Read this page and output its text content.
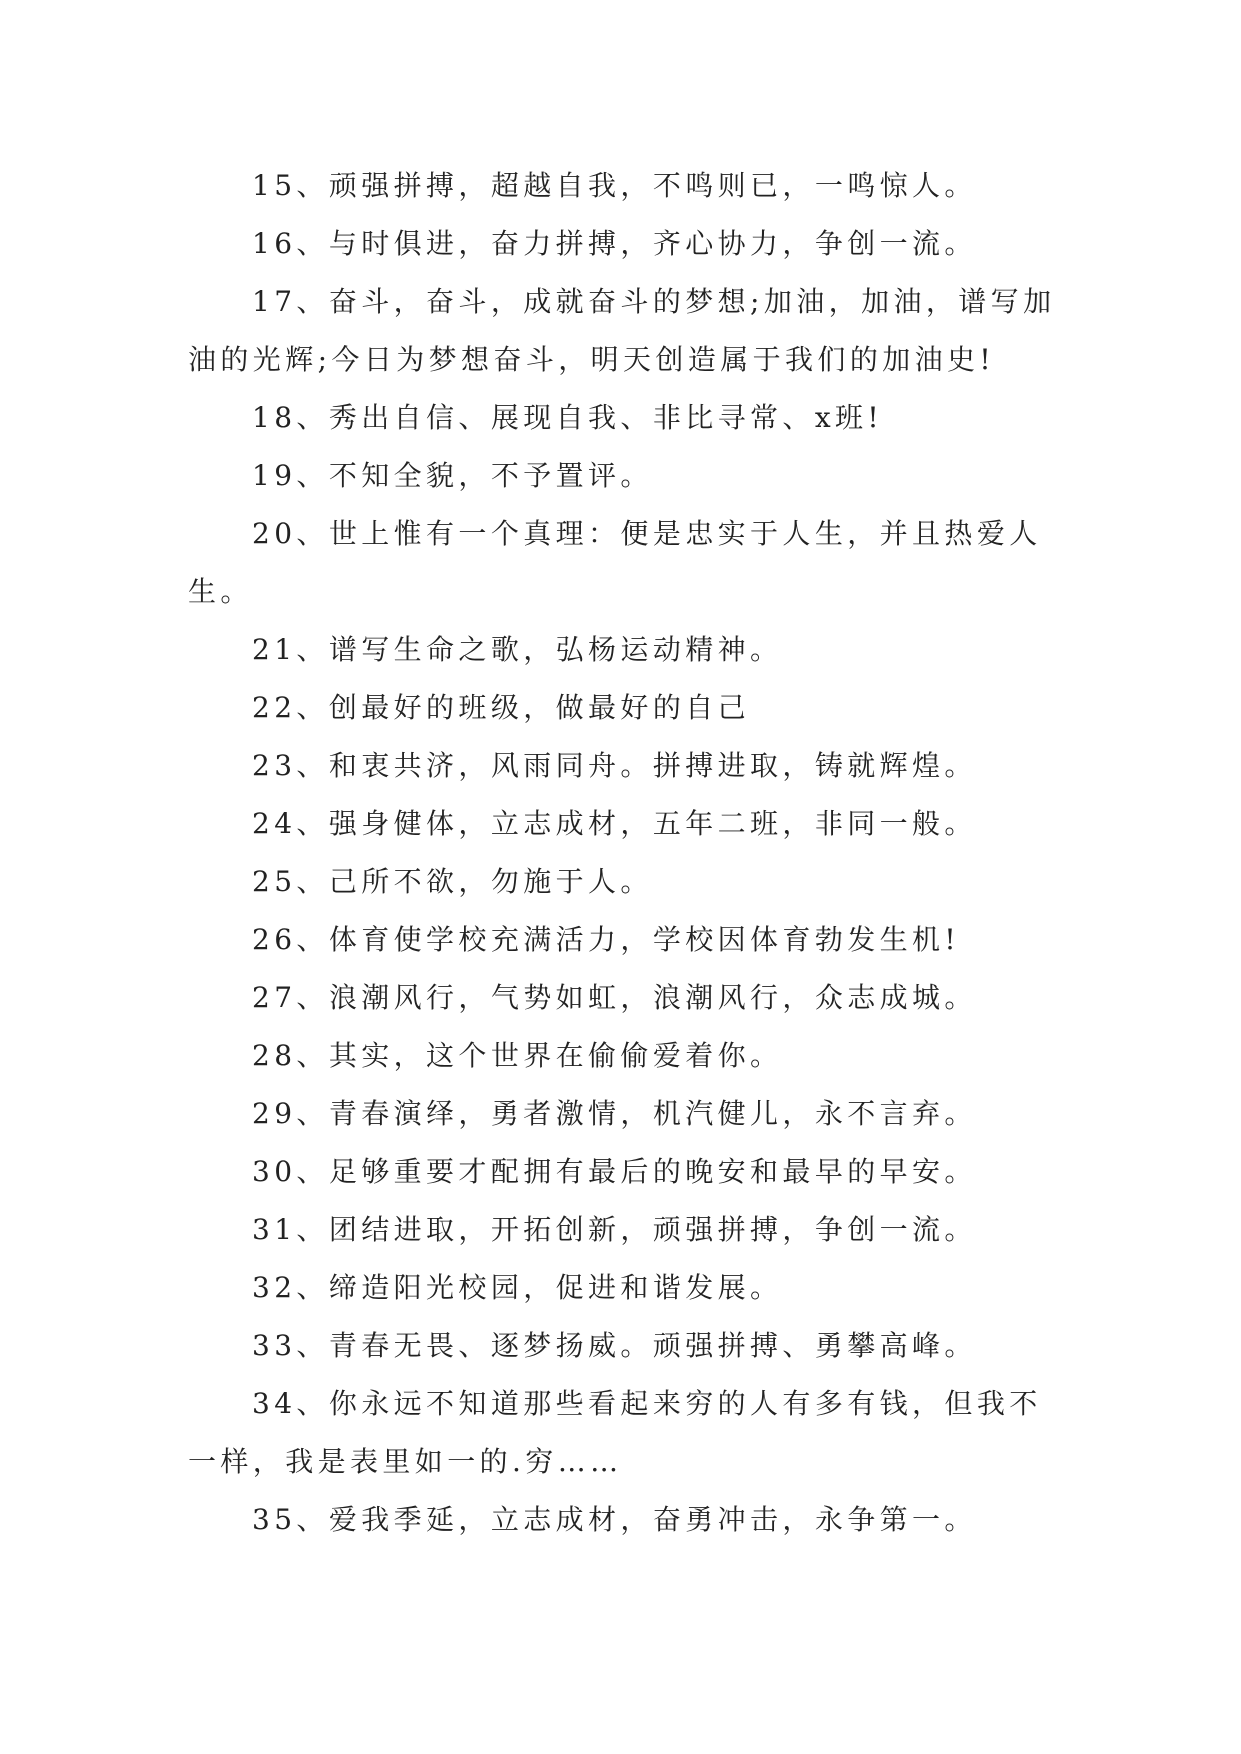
15、顽强拼搏，超越自我，不鸣则已，一鸣惊人。

16、与时俱进，奋力拼搏，齐心协力，争创一流。

17、奋斗，奋斗，成就奋斗的梦想;加油，加油，谱写加油的光辉;今日为梦想奋斗，明天创造属于我们的加油史!

18、秀出自信、展现自我、非比寻常、x班!

19、不知全貌，不予置评。

20、世上惟有一个真理：便是忠实于人生，并且热爱人生。

21、谱写生命之歌，弘杨运动精神。

22、创最好的班级，做最好的自己

23、和衷共济，风雨同舟。拼搏进取，铸就辉煌。

24、强身健体，立志成材，五年二班，非同一般。

25、己所不欲，勿施于人。

26、体育使学校充满活力，学校因体育勃发生机!

27、浪潮风行，气势如虹，浪潮风行，众志成城。

28、其实，这个世界在偷偷爱着你。

29、青春演绎，勇者激情，机汽健儿，永不言弃。

30、足够重要才配拥有最后的晚安和最早的早安。

31、团结进取，开拓创新，顽强拼搏，争创一流。

32、缔造阳光校园，促进和谐发展。

33、青春无畏、逐梦扬威。顽强拼搏、勇攀高峰。

34、你永远不知道那些看起来穷的人有多有钱，但我不一样，我是表里如一的.穷……

35、爱我季延，立志成材，奋勇冲击，永争第一。
